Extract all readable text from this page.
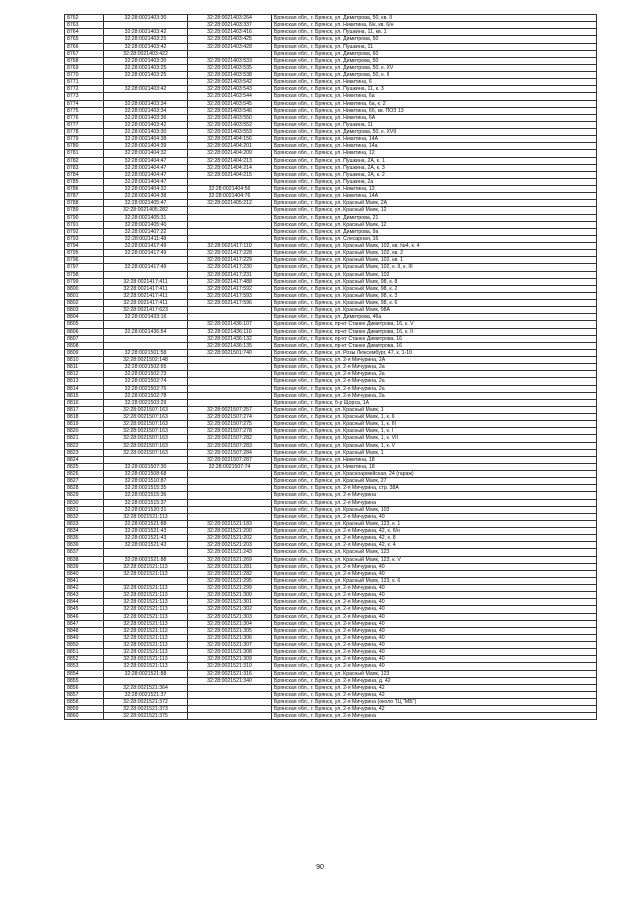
8762	32:28:0021403:30	32:28:0021403:264	Брянская обл., г. Брянск, ул. Димитрова, 50, кв. II
8763		32:28:0021403:337	Брянская обл., г. Брянск, ул. Никитина, 6/к, кв. 6/н
8764	32:28:0021403:42	32:28:0021403:416	Брянская обл., г. Брянск, ул. Пушкина, 11, кв. 1
8765	32:28:0021403:25	32:28:0021403:425	Брянская обл., г. Брянск, ул. Димитрова, 50
8766	32:28:0021403:42	32:28:0021403:428	Брянская обл., г. Брянск, ул. Пушкина, 11
8767	32:28:0021403:422		Брянская обл., г. Брянск, ул. Димитрова, 60
8768	32:28:0021403:30	32:28:0021403:533	Брянская обл., г. Брянск, ул. Димитрова, 50
8769	32:28:0021403:25	32:28:0021403:535	Брянская обл., г. Брянск, ул. Димитрова, 50, к. XV
8770	32:28:0021403:25	32:28:0021403:538	Брянская обл., г. Брянск, ул. Димитрова, 50, к. II
8771		32:28:0021403:542	Брянская обл., г. Брянск, ул. Никитина, 6
8772	32:28:0021403:42	32:28:0021403:543	Брянская обл., г. Брянск, ул. Пушкина, 11, к. 3
8773		32:28:0021403:544	Брянская обл., г. Брянск, ул. Никитина, 6а
8774	32:28:0021403:34	32:28:0021403:545	Брянская обл., г. Брянск, ул. Никитина, 6а, к. 2
8775	32:28:0021403:34	32:28:0021403:546	Брянская обл., г. Брянск, ул. Никитина, 6б, кв. ПОЗ 13
8776	32:28:0021403:36	32:28:0021403:550	Брянская обл., г. Брянск, ул. Никитина, 6А
8777	32:28:0021403:42	32:28:0021403:552	Брянская обл., г. Брянск, ул. Пушкина, 11
8778	32:28:0021403:30	32:28:0021403:553	Брянская обл., г. Брянск, ул. Димитрова, 50, к. XVII
8779	32:28:0021404:38	32:28:0021404:156	Брянская обл., г. Брянск, ул. Никитина, 14А
8780	32:28:0021404:39	32:28:0021404:201	Брянская обл., г. Брянск, ул. Никитина, 14а
8781	32:28:0021404:32	32:28:0021404:209	Брянская обл., г. Брянск, ул. Никитина, 12
8782	32:28:0021404:47	32:28:0021404:213	Брянская обл., г. Брянск, ул. Пушкина, 2А, к. 1
8783	32:28:0021404:47	32:28:0021404:214	Брянская обл., г. Брянск, ул. Пушкина, 2А, к. 3
8784	32:28:0021404:47	32:28:0021404:215	Брянская обл., г. Брянск, ул. Пушкина, 2А, к. 2
8785	32:28:0021404:47		Брянская обл., г. Брянск, ул. Пушкина, 2а
8786	32:28:0021404:32	32:28:0021404:56	Брянская обл., г. Брянск, ул. Никитина, 12
8787	32:28:0021404:38	32:28:0021404:76	Брянская обл., г. Брянск, ул. Никитина, 14А
8788	32:28:0021405:47	32:28:0021405:212	Брянская обл., г. Брянск, ул. Красный Маяк, 2А
8789	32:28:0021405:282		Брянская обл., г. Брянск, ул. Красный Маяк, 12
8790	32:28:0021405:31		Брянская обл., г. Брянск, ул. Димитрова, 21
8791	32:28:0021405:40		Брянская обл., г. Брянск, ул. Красный Маяк, 12
8792	32:28:0021407:22		Брянская обл., г. Брянск, ул. Димитрова, 9а
8793	32:28:0021411:48		Брянская обл., г. Брянск, ул. Слесарная, 16
8794	32:28:0021417:49	32:28:0021417:110	Брянская обл., г. Брянск, ул. Красный Маяк, 102, кв. №4, к. 4
8795	32:28:0021417:49	32:28:0021417:228	Брянская обл., г. Брянск, ул. Красный Маяк, 102, кв. 2
8796		32:28:0021417:229	Брянская обл., г. Брянск, ул. Красный Маяк, 102, кв. 1
8797	32:28:0021417:49	32:28:0021417:230	Брянская обл., г. Брянск, ул. Красный Маяк, 102, к. II, к. III
8798		32:28:0021417:231	Брянская обл., г. Брянск, ул. Красный Маяк, 102
8799	32:28:0021417:411	32:28:0021417:488	Брянская обл., г. Брянск, ул. Красный Маяк, 98, к. 8
8800	32:28:0021417:411	32:28:0021417:592	Брянская обл., г. Брянск, ул. Красный Маяк, 98, к. 2
8801	32:28:0021417:411	32:28:0021417:593	Брянская обл., г. Брянск, ул. Красный Маяк, 98, к. 3
8802	32:28:0021417:411	32:28:0021417:596	Брянская обл., г. Брянск, ул. Красный Маяк, 98, к. 6
8803	32:28:0021417:623		Брянская обл., г. Брянск, ул. Красный Маяк, 98А
8804	32:28:0021433:16		Брянская обл., г. Брянск, ул. Димитрова, 46а
8805		32:28:0021436:107	Брянская обл., г. Брянск, пр-кт Станке Димитрова, 16, к. V
8806	32:28:0021436:54	32:28:0021436:110	Брянская обл., г. Брянск, пр-кт Станке Димитрова, 16, к. II
8807		32:28:0021436:132	Брянская обл., г. Брянск, пр-кт Станке Димитрова, 16
8808		32:28:0021436:135	Брянская обл., г. Брянск, пр-кт Станке Димитрова, 16
8809	32:28:0021501:58	32:28:0021501:740	Брянская обл., г. Брянск, ул. Розы Люксембург, 47, к. 1-10
8810	32:28:0021502:148		Брянская обл., г. Брянск, ул. 2-я Мичурина, 2А
8811	32:28:0021502:65		Брянская обл., г. Брянск, ул. 2-я Мичурина, 2а
8812	32:28:0021502:73		Брянская обл., г. Брянск, ул. 2-я Мичурина, 2а
8813	32:28:0021502:74		Брянская обл., г. Брянск, ул. 2-я Мичурина, 2а
8814	32:28:0021502:76		Брянская обл., г. Брянск, ул. 2-я Мичурина, 2а
8815	32:28:0021502:78		Брянская обл., г. Брянск, ул. 2-я Мичурина, 2а
8816	32:28:0021503:29		Брянская обл., г. Брянск, б-р Щорса, 1А
8817	32:28:0021507:163	32:28:0021507:257	Брянская обл., г. Брянск, ул. Красный Маяк, 1
8818	32:28:0021507:163	32:28:0021507:274	Брянская обл., г. Брянск, ул. Красный Маяк, 1, к. 6
8819	32:28:0021507:163	32:28:0021507:275	Брянская обл., г. Брянск, ул. Красный Маяк, 1, к. III
8820	32:28:0021507:163	32:28:0021507:278	Брянская обл., г. Брянск, ул. Красный Маяк, 1, к. I
8821	32:28:0021507:163	32:28:0021507:282	Брянская обл., г. Брянск, ул. Красный Маяк, 1, к. VII
8822	32:28:0021507:163	32:28:0021507:283	Брянская обл., г. Брянск, ул. Красный Маяк, 1, к. V
8823	32:28:0021507:163	32:28:0021507:284	Брянская обл., г. Брянск, ул. Красный Маяк, 1
8824		32:28:0021507:287	Брянская обл., г. Брянск, ул. Никитина, 18
8825	32:28:0021507:30	32:28:0021507:74	Брянская обл., г. Брянск, ул. Никитина, 18
8826	32:28:0021508:68		Брянская обл., г. Брянск, ул. Красноармейская, 24 (гараж)
8827	32:28:0021510:87		Брянская обл., г. Брянск, ул. Красный Маяк, 27
8828	32:28:0021515:35		Брянская обл., г. Брянск, ул. 2-я Мичурина, стр. 38А
8829	32:28:0021515:36		Брянская обл., г. Брянск, ул. 2-я Мичурина
8830	32:28:0021515:37		Брянская обл., г. Брянск, ул. 2-я Мичурина
8831	32:28:0021520:31		Брянская обл., г. Брянск, ул. Красный Маяк, 103
8832	32:28:0021521:113		Брянская обл., г. Брянск, ул. 2-я Мичурина, 40
8833	32:28:0021521:88	32:28:0021521:183	Брянская обл., г. Брянск, ул. Красный Маяк, 123, к. 1
8834	32:28:0021521:43	32:28:0021521:200	Брянская обл., г. Брянск, ул. 2-я Мичурина, 42, к. 6/н
8835	32:28:0021521:43	32:28:0021521:202	Брянская обл., г. Брянск, ул. 2-я Мичурина, 42, к. 8
8836	32:28:0021521:43	32:28:0021521:203	Брянская обл., г. Брянск, ул. 2-я Мичурина, 42, к. 4
8837		32:28:0021521:243	Брянская обл., г. Брянск, ул. Красный Маяк, 123
8838	32:28:0021521:88	32:28:0021521:269	Брянская обл., г. Брянск, ул. Красный Маяк, 123, к. V
8839	32:28:0021521:113	32:28:0021521:281	Брянская обл., г. Брянск, ул. 2-я Мичурина, 40
8840	32:28:0021521:113	32:28:0021521:282	Брянская обл., г. Брянск, ул. 2-я Мичурина, 40
8841		32:28:0021521:295	Брянская обл., г. Брянск, ул. Красный Маяк, 123, к. 6
8842	32:28:0021521:113	32:28:0021521:299	Брянская обл., г. Брянск, ул. 2-я Мичурина, 40
8843	32:28:0021521:113	32:28:0021521:300	Брянская обл., г. Брянск, ул. 2-я Мичурина, 40
8844	32:28:0021521:113	32:28:0021521:301	Брянская обл., г. Брянск, ул. 2-я Мичурина, 40
8845	32:28:0021521:113	32:28:0021521:302	Брянская обл., г. Брянск, ул. 2-я Мичурина, 40
8846	32:28:0021521:113	32:28:0021521:303	Брянская обл., г. Брянск, ул. 2-я Мичурина, 40
8847	32:28:0021521:113	32:28:0021521:304	Брянская обл., г. Брянск, ул. 2-я Мичурина, 40
8848	32:28:0021521:113	32:28:0021521:305	Брянская обл., г. Брянск, ул. 2-я Мичурина, 40
8849	32:28:0021521:113	32:28:0021521:306	Брянская обл., г. Брянск, ул. 2-я Мичурина, 40
8850	32:28:0021521:113	32:28:0021521:307	Брянская обл., г. Брянск, ул. 2-я Мичурина, 40
8851	32:28:0021521:113	32:28:0021521:308	Брянская обл., г. Брянск, ул. 2-я Мичурина, 40
8852	32:28:0021521:113	32:28:0021521:309	Брянская обл., г. Брянск, ул. 2-я Мичурина, 40
8853	32:28:0021521:113	32:28:0021521:310	Брянская обл., г. Брянск, ул. 2-я Мичурина, 40
8854	32:28:0021521:88	32:28:0021521:316	Брянская обл., г. Брянск, ул. Красный Маяк, 123
8855		32:28:0021521:340	Брянская обл., г. Брянск, ул. 2-я Мичурина, д. 42
8856	32:28:0021521:364		Брянская обл., г. Брянск, ул. 2-я Мичурина, 42
8857	32:28:0021521:37		Брянская обл., г. Брянск, ул. 2-я Мичурина, 42
8858	32:28:0021521:372		Брянская обл., г. Брянск, ул. 2-я Мичурина (около ТЦ "МБ")
8859	32:28:0021521:373		Брянская обл., г. Брянск, ул. 2-я Мичурина, 42
8860	32:28:0021521:375		Брянская обл., г. Брянск, ул. 2-я Мичурина
90
